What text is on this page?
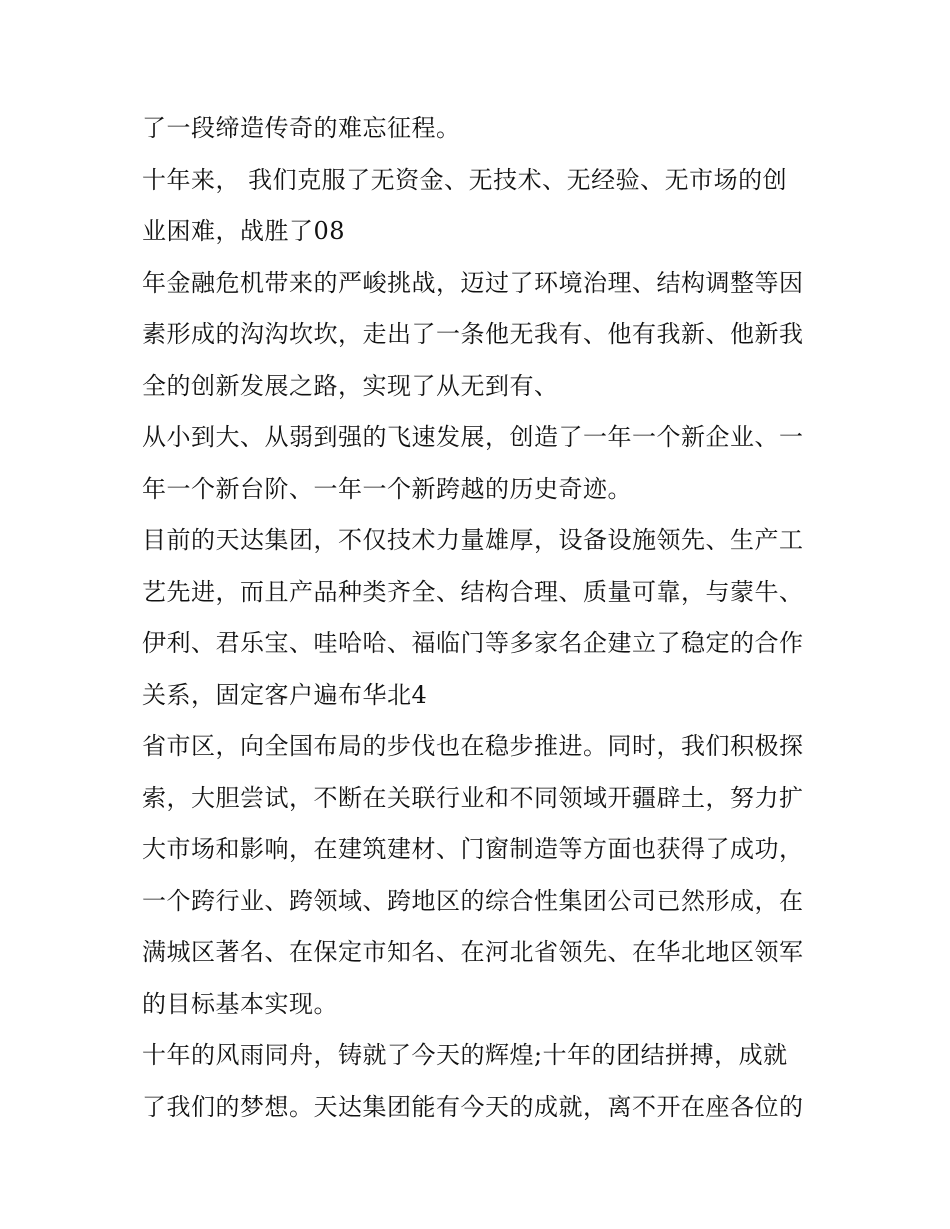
了一段缔造传奇的难忘征程。
十年来， 我们克服了无资金、无技术、无经验、无市场的创
业困难，战胜了08
年金融危机带来的严峻挑战，迈过了环境治理、结构调整等因
素形成的沟沟坎坎，走出了一条他无我有、他有我新、他新我
全的创新发展之路，实现了从无到有、
从小到大、从弱到强的飞速发展，创造了一年一个新企业、一
年一个新台阶、一年一个新跨越的历史奇迹。
目前的天达集团，不仅技术力量雄厚，设备设施领先、生产工
艺先进，而且产品种类齐全、结构合理、质量可靠，与蒙牛、
伊利、君乐宝、哇哈哈、福临门等多家名企建立了稳定的合作
关系，固定客户遍布华北4
省市区，向全国布局的步伐也在稳步推进。同时，我们积极探
索，大胆尝试，不断在关联行业和不同领域开疆辟土，努力扩
大市场和影响，在建筑建材、门窗制造等方面也获得了成功，
一个跨行业、跨领域、跨地区的综合性集团公司已然形成，在
满城区著名、在保定市知名、在河北省领先、在华北地区领军
的目标基本实现。
十年的风雨同舟，铸就了今天的辉煌;十年的团结拼搏，成就
了我们的梦想。天达集团能有今天的成就，离不开在座各位的
